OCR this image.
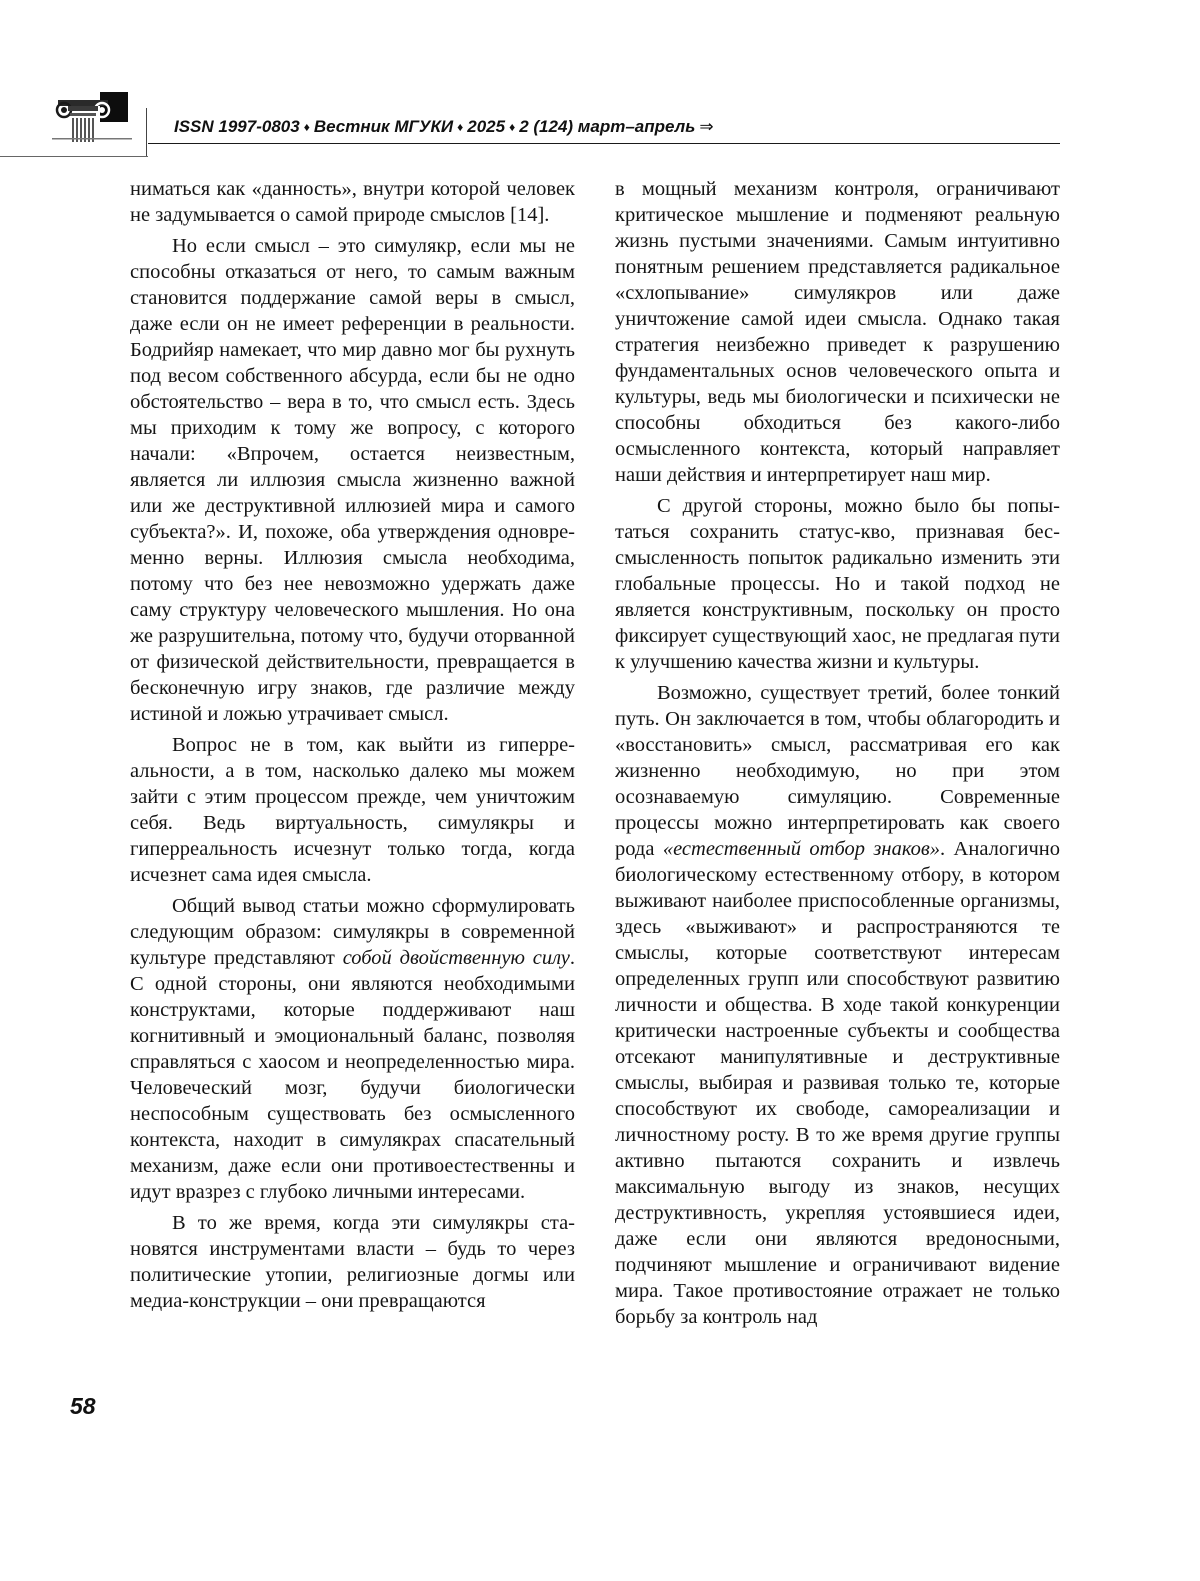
ISSN 1997-0803 ♦ Вестник МГУКИ ♦ 2025 ♦ 2 (124) март–апрель ⇒

ниматься как «данность», внутри которой человек не задумывается о самой природе смыслов [14].

Но если смысл – это симулякр, если мы не способны отказаться от него, то самым важным становится поддержание самой веры в смысл, даже если он не имеет референции в реальности. Бодрийяр намекает, что мир давно мог бы рухнуть под весом собственного абсурда, если бы не одно обстоятельство – вера в то, что смысл есть. Здесь мы приходим к тому же вопросу, с которого начали: «Впрочем, остается неизвестным, является ли иллюзия смысла жизненно важной или же деструктивной иллюзией мира и самого субъекта?». И, похоже, оба утверждения одновременно верны. Иллюзия смысла необходима, потому что без нее невозможно удержать даже саму структуру человеческого мышления. Но она же разрушительна, потому что, будучи оторванной от физической действительности, превращается в бесконечную игру знаков, где различие между истиной и ложью утрачивает смысл.

Вопрос не в том, как выйти из гиперреальности, а в том, насколько далеко мы можем зайти с этим процессом прежде, чем уничтожим себя. Ведь виртуальность, симулякры и гиперреальность исчезнут только тогда, когда исчезнет сама идея смысла.

Общий вывод статьи можно сформулировать следующим образом: симулякры в современной культуре представляют собой двойственную силу. С одной стороны, они являются необходимыми конструктами, которые поддерживают наш когнитивный и эмоциональный баланс, позволяя справляться с хаосом и неопределенностью мира. Человеческий мозг, будучи биологически неспособным существовать без осмысленного контекста, находит в симулякрах спасательный механизм, даже если они противоестественны и идут вразрез с глубоко личными интересами.

В то же время, когда эти симулякры становятся инструментами власти – будь то через политические утопии, религиозные догмы или медиа-конструкции – они превращаются

в мощный механизм контроля, ограничивают критическое мышление и подменяют реальную жизнь пустыми значениями. Самым интуитивно понятным решением представляется радикальное «схлопывание» симулякров или даже уничтожение самой идеи смысла. Однако такая стратегия неизбежно приведет к разрушению фундаментальных основ человеческого опыта и культуры, ведь мы биологически и психически не способны обходиться без какого-либо осмысленного контекста, который направляет наши действия и интерпретирует наш мир.

С другой стороны, можно было бы попытаться сохранить статус-кво, признавая бессмысленность попыток радикально изменить эти глобальные процессы. Но и такой подход не является конструктивным, поскольку он просто фиксирует существующий хаос, не предлагая пути к улучшению качества жизни и культуры.

Возможно, существует третий, более тонкий путь. Он заключается в том, чтобы облагородить и «восстановить» смысл, рассматривая его как жизненно необходимую, но при этом осознаваемую симуляцию. Современные процессы можно интерпретировать как своего рода «естественный отбор знаков». Аналогично биологическому естественному отбору, в котором выживают наиболее приспособленные организмы, здесь «выживают» и распространяются те смыслы, которые соответствуют интересам определенных групп или способствуют развитию личности и общества. В ходе такой конкуренции критически настроенные субъекты и сообщества отсекают манипулятивные и деструктивные смыслы, выбирая и развивая только те, которые способствуют их свободе, самореализации и личностному росту. В то же время другие группы активно пытаются сохранить и извлечь максимальную выгоду из знаков, несущих деструктивность, укрепляя устоявшиеся идеи, даже если они являются вредоносными, подчиняют мышление и ограничивают видение мира. Такое противостояние отражает не только борьбу за контроль над

58
